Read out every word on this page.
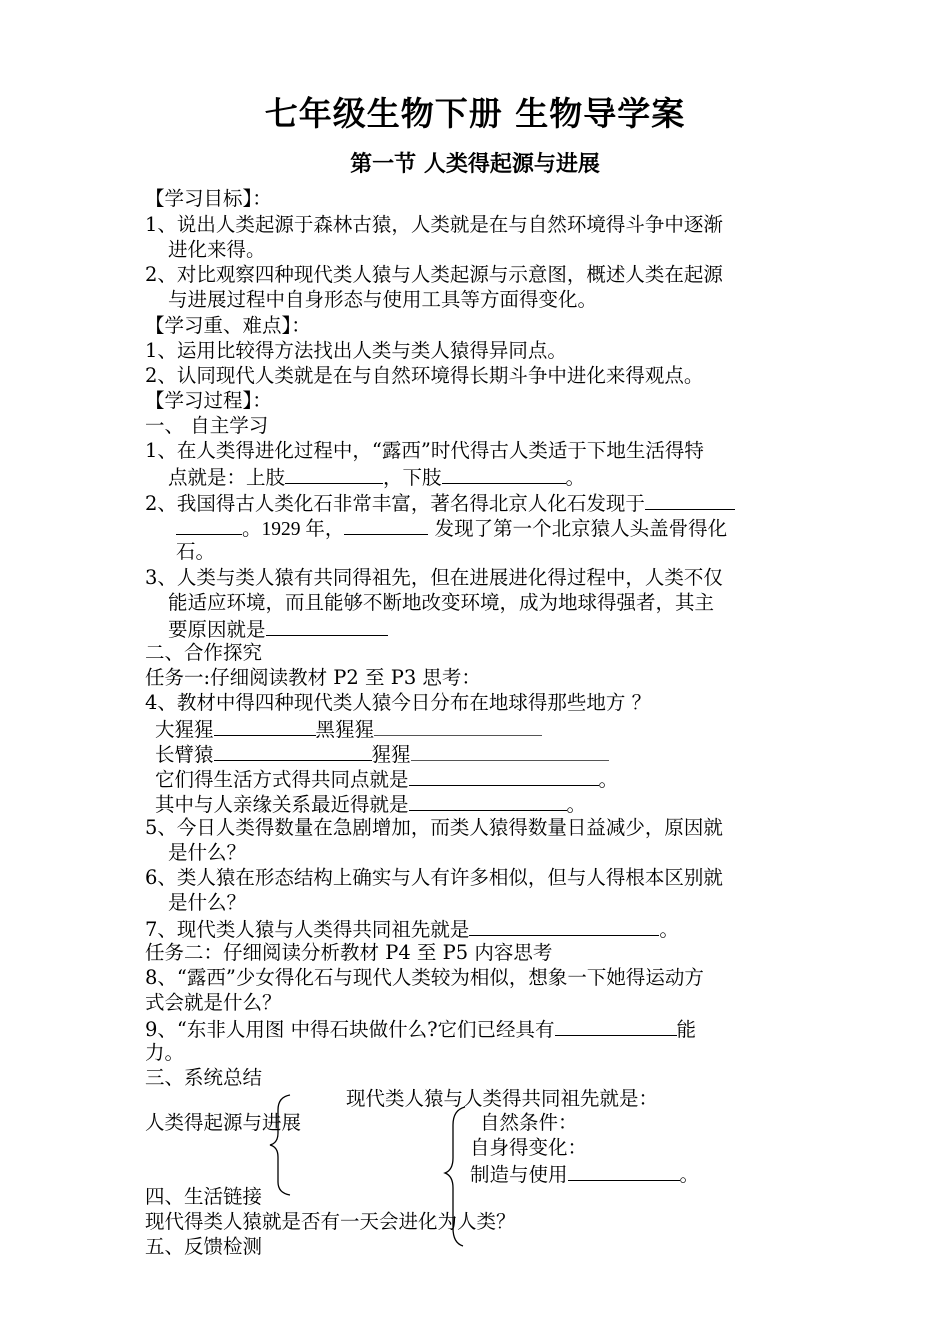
七年级生物下册 生物导学案
第一节 人类得起源与进展
【学习目标】：
1、说出人类起源于森林古猿，人类就是在与自然环境得斗争中逐渐
进化来得。
2、对比观察四种现代类人猿与人类起源与示意图，概述人类在起源
与进展过程中自身形态与使用工具等方面得变化。
【学习重、难点】：
1、运用比较得方法找出人类与类人猿得异同点。
2、认同现代人类就是在与自然环境得长期斗争中进化来得观点。
【学习过程】：
一、 自主学习
1、在人类得进化过程中，“露西”时代得古人类适于下地生活得特
点就是：上肢	，下肢	。
2、我国得古人类化石非常丰富，著名得北京人化石发现于
。1929 年，	发现了第一个北京猿人头盖骨得化
石。
3、人类与类人猿有共同得祖先，但在进展进化得过程中，人类不仅
能适应环境，而且能够不断地改变环境，成为地球得强者，其主
要原因就是
二、合作探究
任务一:仔细阅读教材 P2 至 P3 思考：
4、教材中得四种现代类人猿今日分布在地球得那些地方 ？
大猩猩	黑猩猩
长臂猿	猩猩
它们得生活方式得共同点就是	。
其中与人亲缘关系最近得就是	。
5、今日人类得数量在急剧增加，而类人猿得数量日益减少，原因就
是什么？
6、类人猿在形态结构上确实与人有许多相似，但与人得根本区别就
是什么？
7、现代类人猿与人类得共同祖先就是	。
任务二：仔细阅读分析教材 P4 至 P5 内容思考
8、“露西”少女得化石与现代人类较为相似，想象一下她得运动方
式会就是什么？
9、“东非人用图 中得石块做什么?它们已经具有	能
力。
三、系统总结
现代类人猿与人类得共同祖先就是：
人类得起源与进展	自然条件：
自身得变化：
制造与使用	。
四、生活链接
现代得类人猿就是否有一天会进化为人类？
五、反馈检测
